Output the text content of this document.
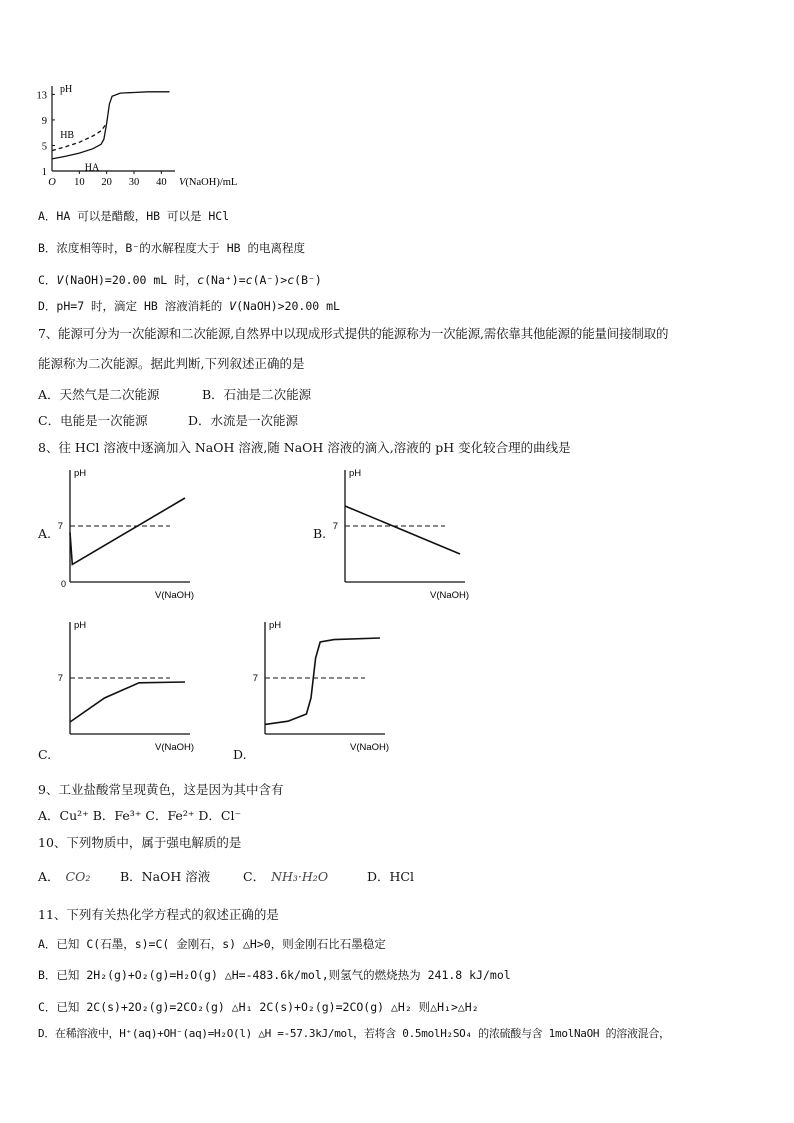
pH
O 10 20 30 40
1
5
9
13
V(NaOH)/mL
HB
HA
A．HA 可以是醋酸，HB 可以是 HCl
B．浓度相等时，B⁻的水解程度大于 HB 的电离程度
C．V(NaOH)=20.00 mL 时，c(Na⁺)=c(A⁻)>c(B⁻)
D．pH=7 时，滴定 HB 溶液消耗的 V(NaOH)>20.00 mL
7、能源可分为一次能源和二次能源,自然界中以现成形式提供的能源称为一次能源,需依靠其他能源的能量间接制取的
能源称为二次能源。据此判断,下列叙述正确的是
A．天然气是二次能源	B．石油是二次能源
C．电能是一次能源	D．水流是一次能源
8、往 HCl 溶液中逐滴加入 NaOH 溶液,随 NaOH 溶液的滴入,溶液的 pH 变化较合理的曲线是
A.
pH
V(NaOH)
7
0
B.
pH
V(NaOH)
7
pH
V(NaOH)
7
C.
pH
V(NaOH)
7
D.
9、工业盐酸常呈现黄色，这是因为其中含有
A．Cu²⁺ B．Fe³⁺ C．Fe²⁺ D．Cl⁻
10、下列物质中，属于强电解质的是
A． CO₂ B．NaOH 溶液	C． NH₃·H₂O	D．HCl
11、下列有关热化学方程式的叙述正确的是
A．已知 C(石墨，s)=C( 金刚石，s) △H>0，则金刚石比石墨稳定
B．已知 2H₂(g)+O₂(g)=H₂O(g) △H=-483.6k/mol,则氢气的燃烧热为 241.8 kJ/mol
C．已知 2C(s)+2O₂(g)=2CO₂(g) △H₁ 2C(s)+O₂(g)=2CO(g) △H₂ 则△H₁>△H₂
D．在稀溶液中，H⁺(aq)+OH⁻(aq)=H₂O(l) △H =-57.3kJ/mol，若将含 0.5molH₂SO₄ 的浓硫酸与含 1molNaOH 的溶液混合，
